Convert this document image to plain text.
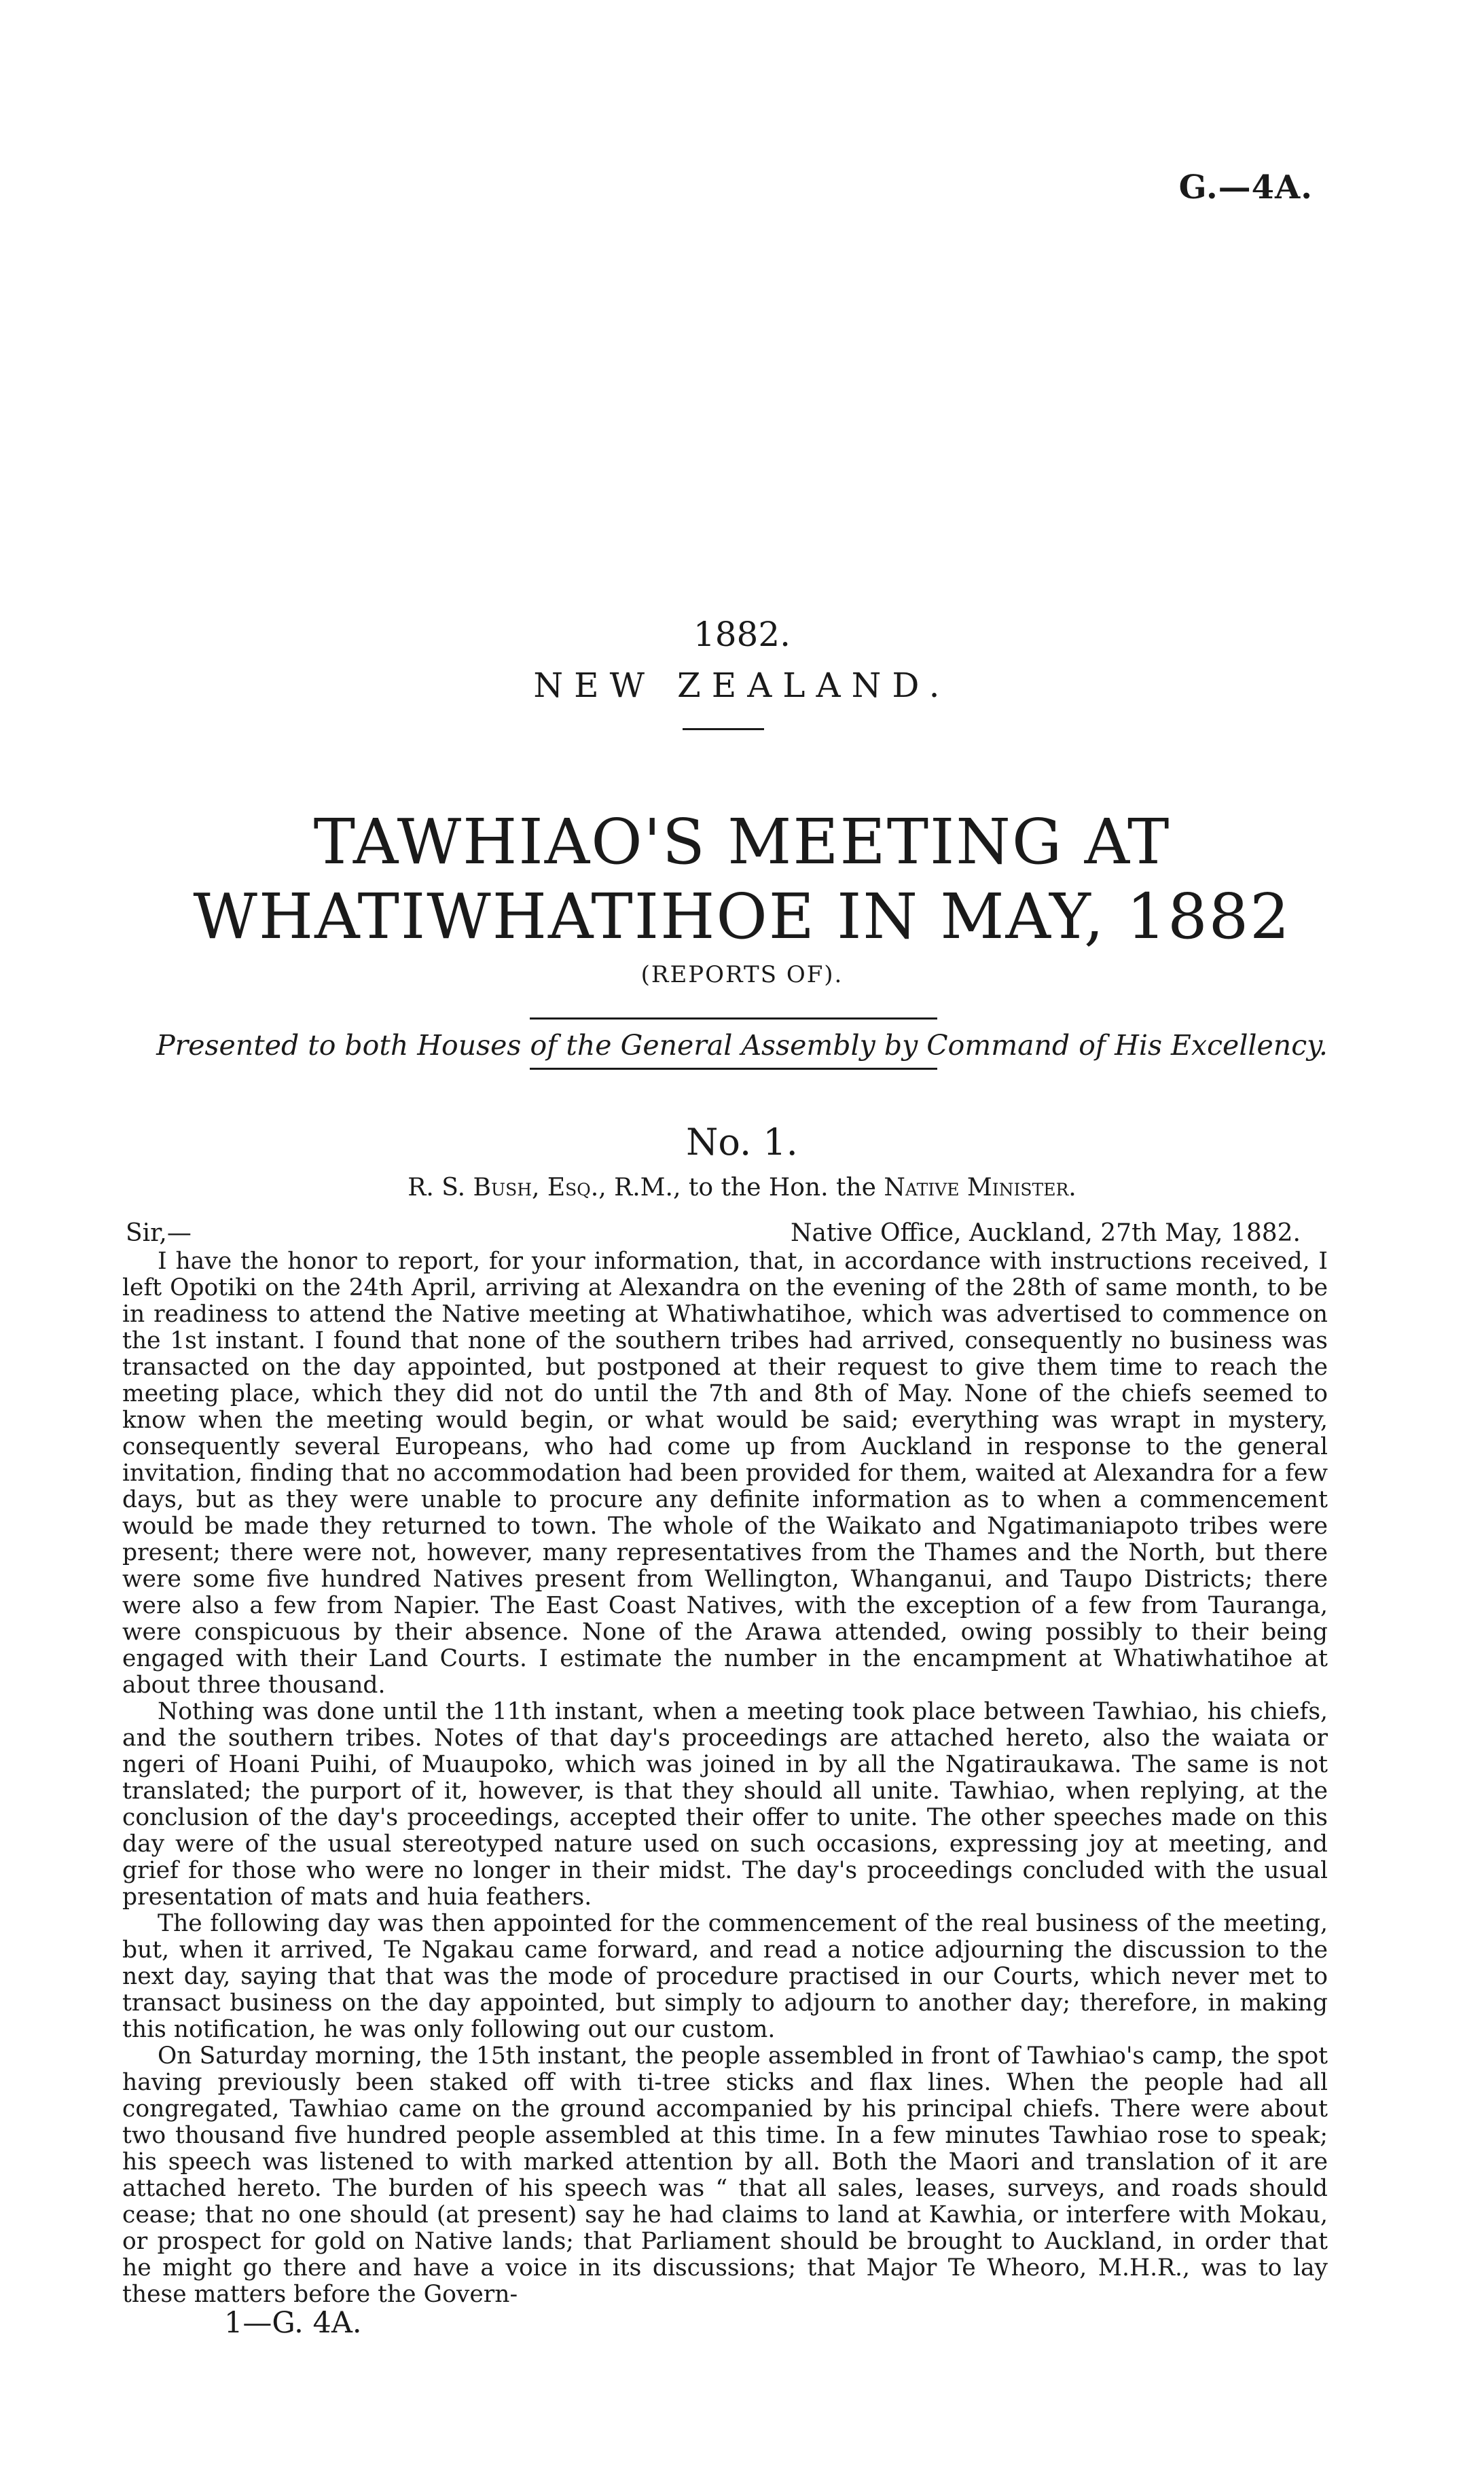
G.—4A.
1882.
NEW ZEALAND.
TAWHIAO'S MEETING AT WHATIWHATIHOE IN MAY, 1882
(REPORTS OF).
Presented to both Houses of the General Assembly by Command of His Excellency.
No. 1.
R. S. Bush, Esq., R.M., to the Hon. the Native Minister.
Sir,—	Native Office, Auckland, 27th May, 1882.

I have the honor to report, for your information, that, in accordance with instructions received, I left Opotiki on the 24th April, arriving at Alexandra on the evening of the 28th of same month, to be in readiness to attend the Native meeting at Whatiwhatihoe, which was advertised to commence on the 1st instant. I found that none of the southern tribes had arrived, consequently no business was transacted on the day appointed, but postponed at their request to give them time to reach the meeting place, which they did not do until the 7th and 8th of May. None of the chiefs seemed to know when the meeting would begin, or what would be said; everything was wrapt in mystery, consequently several Europeans, who had come up from Auckland in response to the general invitation, finding that no accommodation had been provided for them, waited at Alexandra for a few days, but as they were unable to procure any definite information as to when a commencement would be made they returned to town. The whole of the Waikato and Ngatimaniapoto tribes were present; there were not, however, many representatives from the Thames and the North, but there were some five hundred Natives present from Wellington, Whanganui, and Taupo Districts; there were also a few from Napier. The East Coast Natives, with the exception of a few from Tauranga, were conspicuous by their absence. None of the Arawa attended, owing possibly to their being engaged with their Land Courts. I estimate the number in the encampment at Whatiwhatihoe at about three thousand.

Nothing was done until the 11th instant, when a meeting took place between Tawhiao, his chiefs, and the southern tribes. Notes of that day's proceedings are attached hereto, also the waiata or ngeri of Hoani Puihi, of Muaupoko, which was joined in by all the Ngatiraukawa. The same is not translated; the purport of it, however, is that they should all unite. Tawhiao, when replying, at the conclusion of the day's proceedings, accepted their offer to unite. The other speeches made on this day were of the usual stereotyped nature used on such occasions, expressing joy at meeting, and grief for those who were no longer in their midst. The day's proceedings concluded with the usual presentation of mats and huia feathers.

The following day was then appointed for the commencement of the real business of the meeting, but, when it arrived, Te Ngakau came forward, and read a notice adjourning the discussion to the next day, saying that that was the mode of procedure practised in our Courts, which never met to transact business on the day appointed, but simply to adjourn to another day; therefore, in making this notification, he was only following out our custom.

On Saturday morning, the 15th instant, the people assembled in front of Tawhiao's camp, the spot having previously been staked off with ti-tree sticks and flax lines. When the people had all congregated, Tawhiao came on the ground accompanied by his principal chiefs. There were about two thousand five hundred people assembled at this time. In a few minutes Tawhiao rose to speak; his speech was listened to with marked attention by all. Both the Maori and translation of it are attached hereto. The burden of his speech was “ that all sales, leases, surveys, and roads should cease; that no one should (at present) say he had claims to land at Kawhia, or interfere with Mokau, or prospect for gold on Native lands; that Parliament should be brought to Auckland, in order that he might go there and have a voice in its discussions; that Major Te Wheoro, M.H.R., was to lay these matters before the Govern-

1—G. 4A.
